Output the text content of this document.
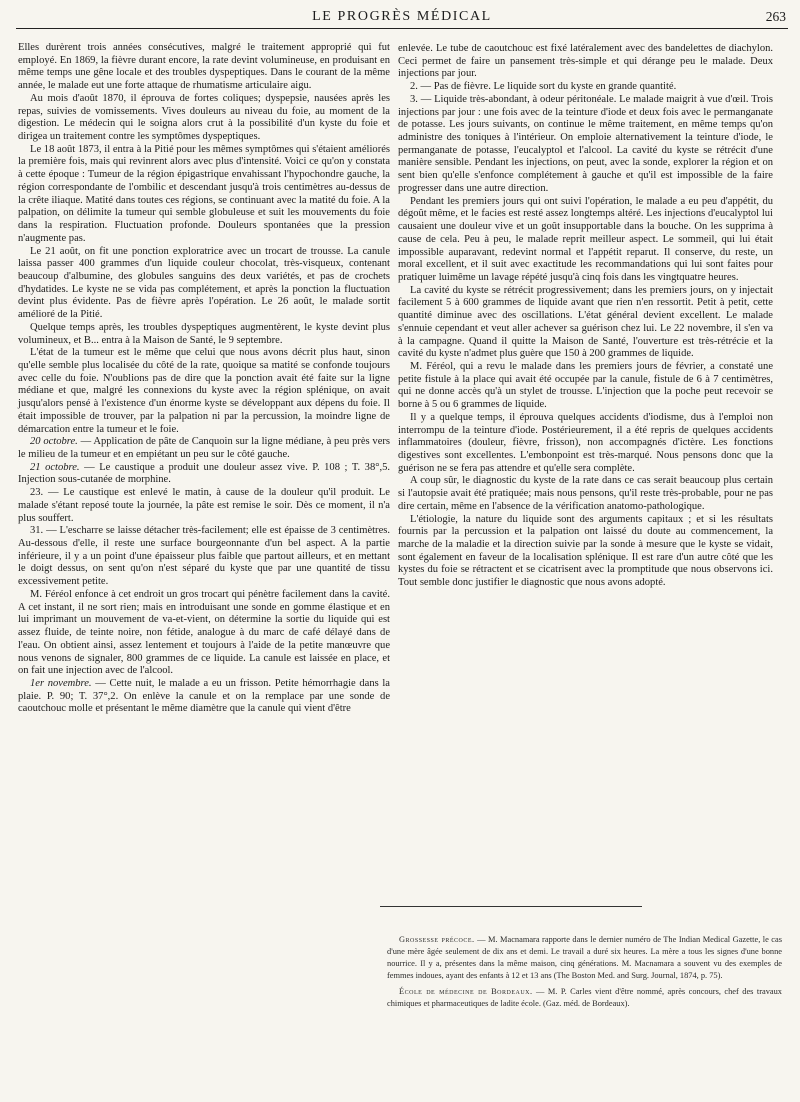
LE PROGRÈS MÉDICAL	263

Elles durèrent trois années consécutives, malgré le traitement approprié qui fut employé. En 1869, la fièvre durant encore, la rate devint volumineuse, en produisant en même temps une gêne locale et des troubles dyspeptiques. Dans le courant de la même année, le malade eut une forte attaque de rhumatisme articulaire aigu.

Au mois d'août 1870, il éprouva de fortes coliques; dyspepsie, nausées après les repas, suivies de vomissements. Vives douleurs au niveau du foie, au moment de la digestion. Le médecin qui le soigna alors crut à la possibilité d'un kyste du foie et dirigea un traitement contre les symptômes dyspeptiques.

Le 18 août 1873, il entra à la Pitié pour les mêmes symptômes qui s'étaient améliorés la première fois, mais qui revinrent alors avec plus d'intensité. Voici ce qu'on y constata à cette époque : Tumeur de la région épigastrique envahissant l'hypochondre gauche, la région correspondante de l'ombilic et descendant jusqu'à trois centimètres au-dessus de la crête iliaque. Matité dans toutes ces régions, se continuant avec la matité du foie. A la palpation, on délimite la tumeur qui semble globuleuse et suit les mouvements du foie dans la respiration. Fluctuation profonde. Douleurs spontanées que la pression n'augmente pas.

Le 21 août, on fit une ponction exploratrice avec un trocart de trousse. La canule laissa passer 400 grammes d'un liquide couleur chocolat, très-visqueux, contenant beaucoup d'albumine, des globules sanguins des deux variétés, et pas de crochets d'hydatides. Le kyste ne se vida pas complétement, et après la ponction la fluctuation devint plus évidente. Pas de fièvre après l'opération. Le 26 août, le malade sortit amélioré de la Pitié.

Quelque temps après, les troubles dyspeptiques augmentèrent, le kyste devint plus volumineux, et B... entra à la Maison de Santé, le 9 septembre.

L'état de la tumeur est le même que celui que nous avons décrit plus haut, sinon qu'elle semble plus localisée du côté de la rate, quoique sa matité se confonde toujours avec celle du foie. N'oublions pas de dire que la ponction avait été faite sur la ligne médiane et que, malgré les connexions du kyste avec la région splénique, on avait jusqu'alors pensé à l'existence d'un énorme kyste se développant aux dépens du foie. Il était impossible de trouver, par la palpation ni par la percussion, la moindre ligne de démarcation entre la tumeur et le foie.

20 octobre. — Application de pâte de Canquoin sur la ligne médiane, à peu près vers le milieu de la tumeur et en empiétant un peu sur le côté gauche.

21 octobre. — Le caustique a produit une douleur assez vive. P. 108 ; T. 38°,5. Injection sous-cutanée de morphine.

23. — Le caustique est enlevé le matin, à cause de la douleur qu'il produit. Le malade s'étant reposé toute la journée, la pâte est remise le soir. Dès ce moment, il n'a plus souffert.

31. — L'escharre se laisse détacher très-facilement; elle est épaisse de 3 centimètres. Au-dessous d'elle, il reste une surface bourgeonnante d'un bel aspect. A la partie inférieure, il y a un point d'une épaisseur plus faible que partout ailleurs, et en mettant le doigt dessus, on sent qu'on n'est séparé du kyste que par une quantité de tissu excessivement petite.

M. Féréol enfonce à cet endroit un gros trocart qui pénètre facilement dans la cavité. A cet instant, il ne sort rien; mais en introduisant une sonde en gomme élastique et en lui imprimant un mouvement de va-et-vient, on détermine la sortie du liquide qui est assez fluide, de teinte noire, non fétide, analogue à du marc de café délayé dans de l'eau. On obtient ainsi, assez lentement et toujours à l'aide de la petite manœuvre que nous venons de signaler, 800 grammes de ce liquide. La canule est laissée en place, et on fait une injection avec de l'alcool.

1er novembre. — Cette nuit, le malade a eu un frisson. Petite hémorrhagie dans la plaie. P. 90; T. 37°,2. On enlève la canule et on la remplace par une sonde de caoutchouc molle et présentant le même diamètre que la canule qui vient d'être

enlevée. Le tube de caoutchouc est fixé latéralement avec des bandelettes de diachylon. Ceci permet de faire un pansement très-simple et qui dérange peu le malade. Deux injections par jour.

2. — Pas de fièvre. Le liquide sort du kyste en grande quantité.

3. — Liquide très-abondant, à odeur péritonéale. Le malade maigrit à vue d'œil. Trois injections par jour : une fois avec de la teinture d'iode et deux fois avec le permanganate de potasse. Les jours suivants, on continue le même traitement, en même temps qu'on administre des toniques à l'intérieur. On emploie alternativement la teinture d'iode, le permanganate de potasse, l'eucalyptol et l'alcool. La cavité du kyste se rétrécit d'une manière sensible. Pendant les injections, on peut, avec la sonde, explorer la région et on sent bien qu'elle s'enfonce complétement à gauche et qu'il est impossible de la faire progresser dans une autre direction.

Pendant les premiers jours qui ont suivi l'opération, le malade a eu peu d'appétit, du dégoût même, et le facies est resté assez longtemps altéré. Les injections d'eucalyptol lui causaient une douleur vive et un goût insupportable dans la bouche. On les supprima à cause de cela. Peu à peu, le malade reprit meilleur aspect. Le sommeil, qui lui était impossible auparavant, redevint normal et l'appétit reparut. Il conserve, du reste, un moral excellent, et il suit avec exactitude les recommandations qui lui sont faites pour pratiquer luimême un lavage répété jusqu'à cinq fois dans les vingtquatre heures.

La cavité du kyste se rétrécit progressivement; dans les premiers jours, on y injectait facilement 5 à 600 grammes de liquide avant que rien n'en ressortit. Petit à petit, cette quantité diminue avec des oscillations. L'état général devient excellent. Le malade s'ennuie cependant et veut aller achever sa guérison chez lui. Le 22 novembre, il s'en va à la campagne. Quand il quitte la Maison de Santé, l'ouverture est très-rétrécie et la cavité du kyste n'admet plus guère que 150 à 200 grammes de liquide.

M. Féréol, qui a revu le malade dans les premiers jours de février, a constaté une petite fistule à la place qui avait été occupée par la canule, fistule de 6 à 7 centimètres, qui ne donne accès qu'à un stylet de trousse. L'injection que la poche peut recevoir se borne à 5 ou 6 grammes de liquide.

Il y a quelque temps, il éprouva quelques accidents d'iodisme, dus à l'emploi non interrompu de la teinture d'iode. Postérieurement, il a été repris de quelques accidents inflammatoires (douleur, fièvre, frisson), non accompagnés d'ictère. Les fonctions digestives sont excellentes. L'embonpoint est très-marqué. Nous pensons donc que la guérison ne se fera pas attendre et qu'elle sera complète.

A coup sûr, le diagnostic du kyste de la rate dans ce cas serait beaucoup plus certain si l'autopsie avait été pratiquée; mais nous pensons, qu'il reste très-probable, pour ne pas dire certain, même en l'absence de la vérification anatomo-pathologique.

L'étiologie, la nature du liquide sont des arguments capitaux ; et si les résultats fournis par la percussion et la palpation ont laissé du doute au commencement, la marche de la maladie et la direction suivie par la sonde à mesure que le kyste se vidait, sont également en faveur de la localisation splénique. Il est rare d'un autre côté que les kystes du foie se rétractent et se cicatrisent avec la promptitude que nous observons ici. Tout semble donc justifier le diagnostic que nous avons adopté.

Grossesse précoce. — M. Macnamara rapporte dans le dernier numéro de The Indian Medical Gazette, le cas d'une mère âgée seulement de dix ans et demi. Le travail a duré six heures. La mère a tous les signes d'une bonne nourrice. Il y a, présentes dans la même maison, cinq générations. M. Macnamara a souvent vu des exemples de femmes indoues, ayant des enfants à 12 et 13 ans (The Boston Med. and Surg. Journal, 1874, p. 75).

École de médecine de Bordeaux. — M. P. Carles vient d'être nommé, après concours, chef des travaux chimiques et pharmaceutiques de ladite école. (Gaz. méd. de Bordeaux).
